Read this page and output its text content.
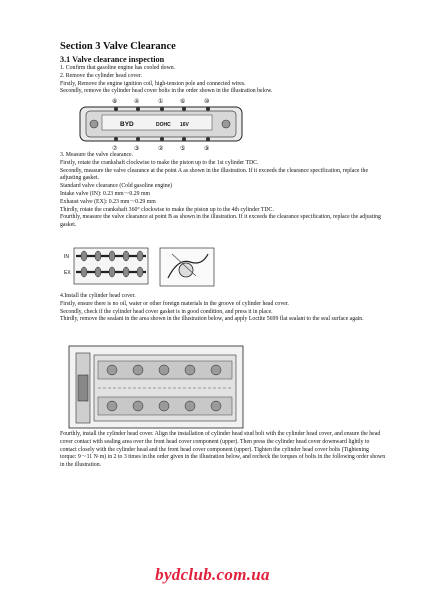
Section 3 Valve Clearance
3.1 Valve clearance inspection
1. Confirm that gasoline engine has cooled down.
2. Remove the cylinder head cover.
Firstly, Remove the engine ignition coil, high-tension pole and connected wires.
Secondly, remove the cylinder head cover bolts in the order shown in the illustration below.
BYD	DOHC 16V
⑧	④	①	⑥	⑩
⑦	③	②	⑤	⑨
3. Measure the valve clearance.
Firstly, rotate the crankshaft clockwise to make the piston up to the 1st cylinder TDC.
Secondly, measure the valve clearance at the point A as shown in the illustration. If it exceeds the clearance specification, replace the adjusting gasket.
Standard valve clearance (Cold gasoline engine)
Intake valve (IN): 0.23 mm～0.29 mm
Exhaust valve (EX): 0.23 mm～0.29 mm
Thirdly, rotate the crankshaft 360° clockwise to make the piston up to the 4th cylinder TDC.
Fourthly, measure the valve clearance at point B as shown in the illustration. If it exceeds the clearance specification, replace the adjusting gasket.
IN
EX
4.Install the cylinder head cover.
Firstly, ensure there is no oil, water or other foreign materials in the groove of cylinder head cover.
Secondly, check if the cylinder head cover gasket is in good condition, and press it in place.
Thirdly, remove the sealant in the area shown in the illustration below, and apply Loctite 5699 flat sealant to the seal surface again.
Fourthly, install the cylinder head cover. Align the installation of cylinder head stud bolt with the cylinder head cover, and ensure the head cover contact with sealing area over the front head cover component (upper). Then press the cylinder head cover downward lightly to contact closely with the cylinder head and the front head cover component (upper). Tighten the cylinder head cover bolts (Tightening torque: 9～11 N·m) in 2 to 3 times in the order given in the illustration below, and recheck the torques of bolts in the following order shown in the illustration.
bydclub.com.ua
